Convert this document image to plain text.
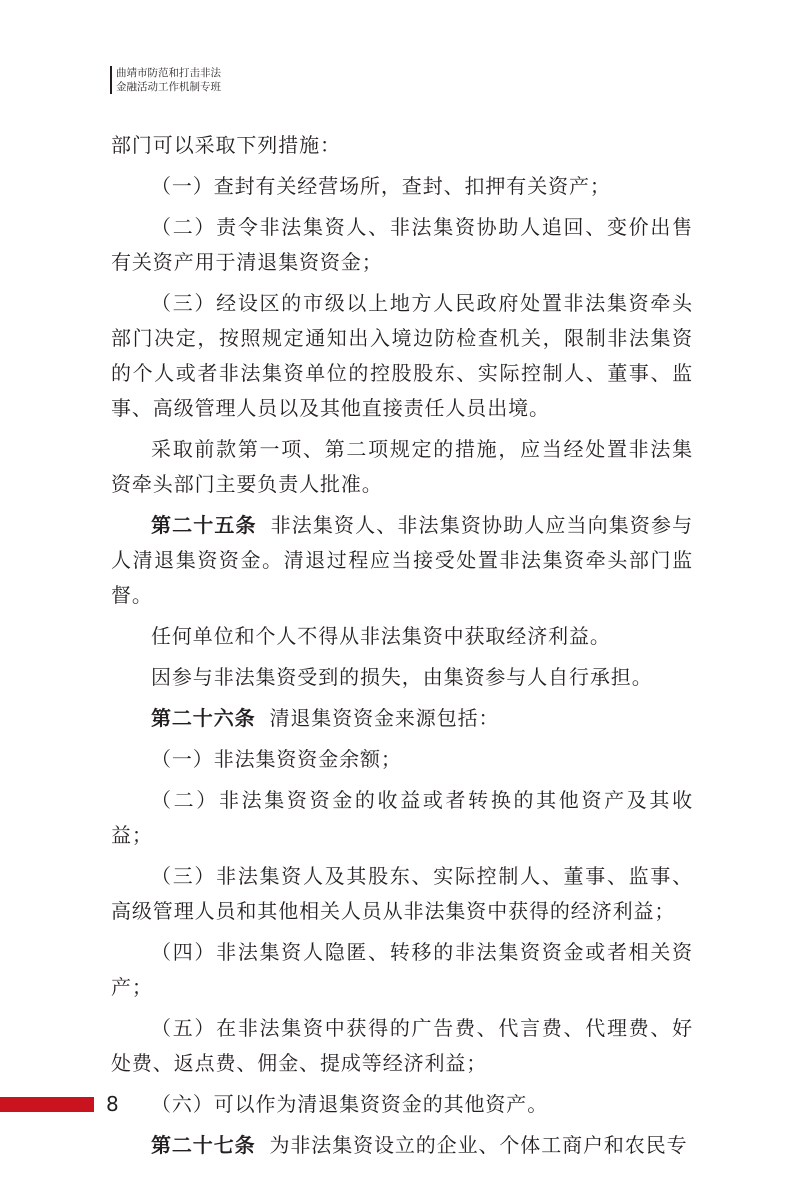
曲靖市防范和打击非法
金融活动工作机制专班

部门可以采取下列措施：

（一）查封有关经营场所，查封、扣押有关资产；

（二）责令非法集资人、非法集资协助人追回、变价出售有关资产用于清退集资资金；

（三）经设区的市级以上地方人民政府处置非法集资牵头部门决定，按照规定通知出入境边防检查机关，限制非法集资的个人或者非法集资单位的控股股东、实际控制人、董事、监事、高级管理人员以及其他直接责任人员出境。

采取前款第一项、第二项规定的措施，应当经处置非法集资牵头部门主要负责人批准。

第二十五条 非法集资人、非法集资协助人应当向集资参与人清退集资资金。清退过程应当接受处置非法集资牵头部门监督。

任何单位和个人不得从非法集资中获取经济利益。

因参与非法集资受到的损失，由集资参与人自行承担。

第二十六条 清退集资资金来源包括：

（一）非法集资资金余额；

（二）非法集资资金的收益或者转换的其他资产及其收益；

（三）非法集资人及其股东、实际控制人、董事、监事、高级管理人员和其他相关人员从非法集资中获得的经济利益；

（四）非法集资人隐匿、转移的非法集资资金或者相关资产；

（五）在非法集资中获得的广告费、代言费、代理费、好处费、返点费、佣金、提成等经济利益；

（六）可以作为清退集资资金的其他资产。

第二十七条 为非法集资设立的企业、个体工商户和农民专

8
